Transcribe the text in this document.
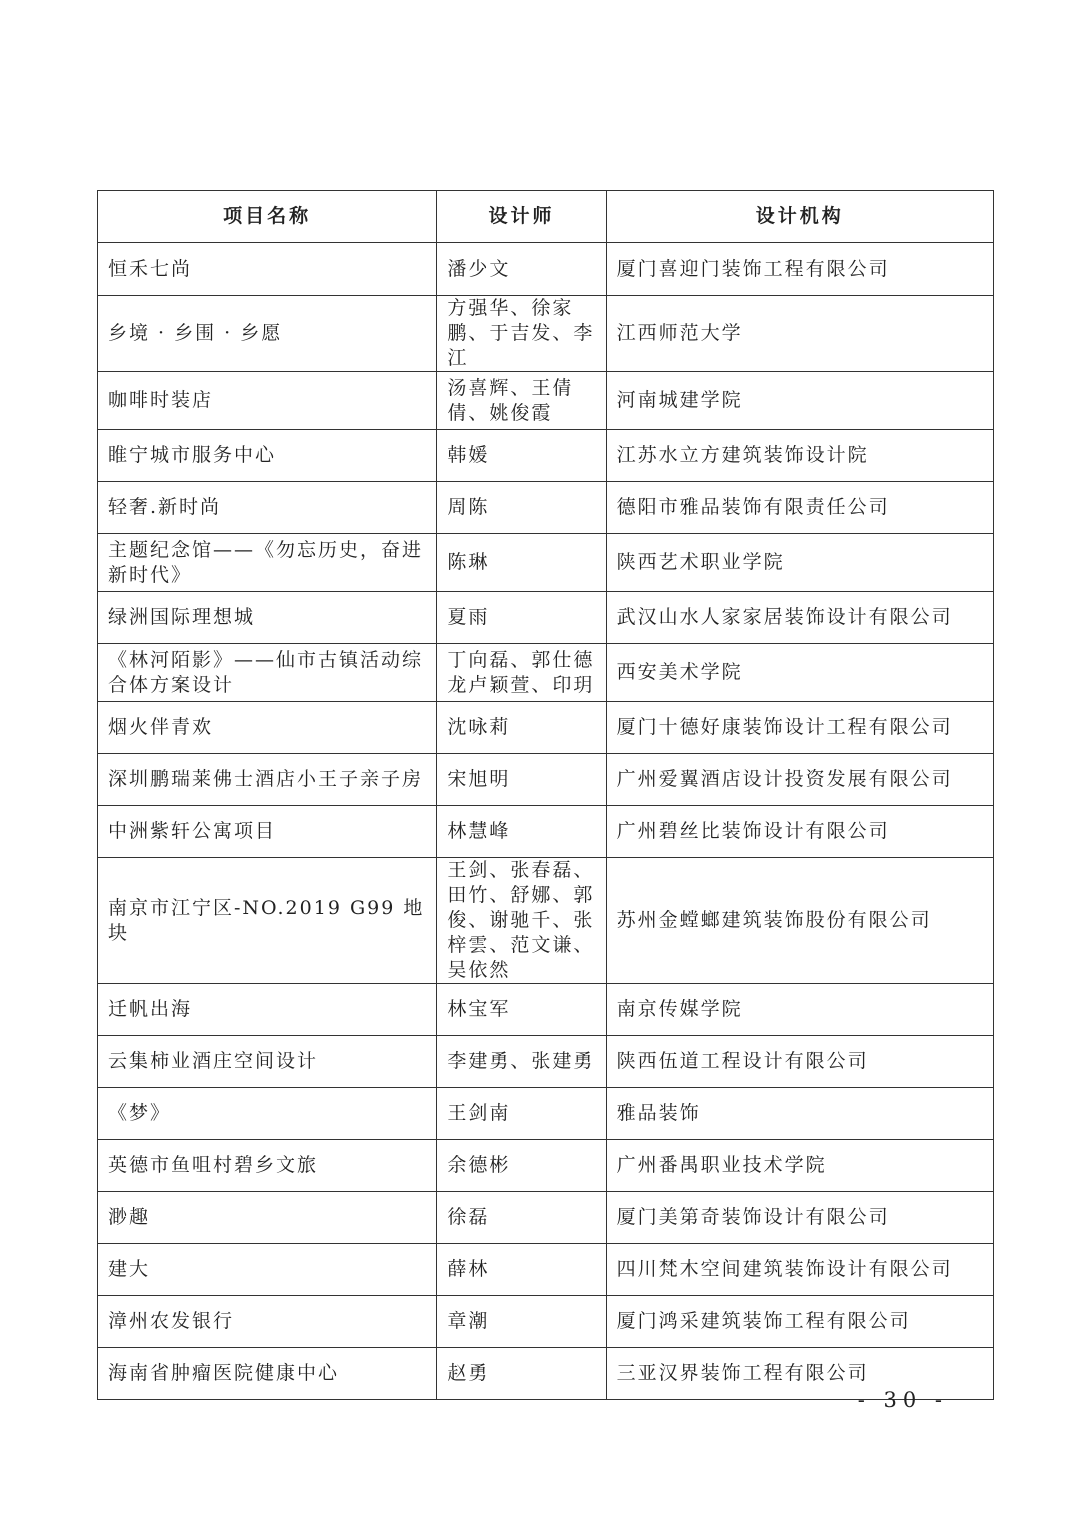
项目名称	设计师	设计机构
恒禾七尚	潘少文	厦门喜迎门装饰工程有限公司
乡境 · 乡围 · 乡愿	方强华、徐家鹏、于吉发、李江	江西师范大学
咖啡时装店	汤喜辉、王倩倩、姚俊霞	河南城建学院
睢宁城市服务中心	韩媛	江苏水立方建筑装饰设计院
轻奢.新时尚	周陈	德阳市雅品装饰有限责任公司
主题纪念馆——《勿忘历史，奋进新时代》	陈琳	陕西艺术职业学院
绿洲国际理想城	夏雨	武汉山水人家家居装饰设计有限公司
《林河陌影》——仙市古镇活动综合体方案设计	丁向磊、郭仕德龙卢颖萱、印玥	西安美术学院
烟火伴青欢	沈咏莉	厦门十德好康装饰设计工程有限公司
深圳鹏瑞莱佛士酒店小王子亲子房	宋旭明	广州爱翼酒店设计投资发展有限公司
中洲紫轩公寓项目	林慧峰	广州碧丝比装饰设计有限公司
南京市江宁区-NO.2019 G99 地块	王剑、张春磊、田竹、舒娜、郭俊、谢驰千、张梓雲、范文谦、吴依然	苏州金螳螂建筑装饰股份有限公司
迁帆出海	林宝军	南京传媒学院
云集柿业酒庄空间设计	李建勇、张建勇	陕西伍道工程设计有限公司
《梦》	王剑南	雅品装饰
英德市鱼咀村碧乡文旅	余德彬	广州番禺职业技术学院
渺趣	徐磊	厦门美第奇装饰设计有限公司
建大	薛林	四川梵木空间建筑装饰设计有限公司
漳州农发银行	章潮	厦门鸿采建筑装饰工程有限公司
海南省肿瘤医院健康中心	赵勇	三亚汉界装饰工程有限公司
- 30 -
